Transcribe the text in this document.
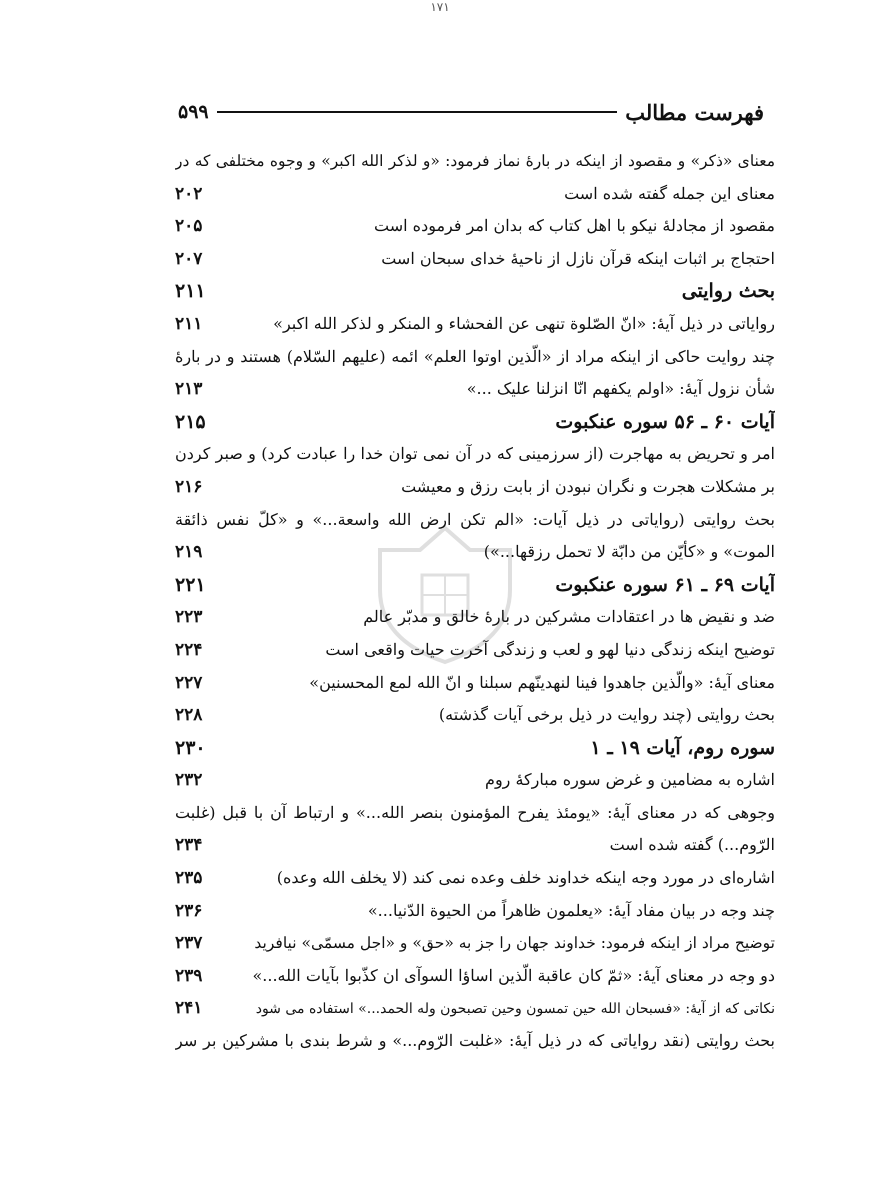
۱۷۱
فهرست مطالب
۵۹۹
معنای «ذکر» و مقصود از اینکه در بارهٔ نماز فرمود: «و لذکر الله اکبر» و وجوه مختلفی که در
معنای این جمله گفته شده است
۲۰۲
مقصود از مجادلهٔ نیکو با اهل کتاب که بدان امر فرموده است
۲۰۵
احتجاج بر اثبات اینکه قرآن نازل از ناحیهٔ خدای سبحان است
۲۰۷
بحث روایتی
۲۱۱
روایاتی در ذیل آیهٔ: «انّ الصّلوة تنهی عن الفحشاء و المنکر و لذکر الله اکبر»
۲۱۱
چند روایت حاکی از اینکه مراد از «الّذین اوتوا العلم» ائمه (علیهم السّلام) هستند و در بارهٔ
شأن نزول آیهٔ: «اولم یکفهم انّا انزلنا علیک ...»
۲۱۳
آیات ۶۰ ـ ۵۶ سوره عنکبوت
۲۱۵
امر و تحریض به مهاجرت (از سرزمینی که در آن نمی توان خدا را عبادت کرد) و صبر کردن
بر مشکلات هجرت و نگران نبودن از بابت رزق و معیشت
۲۱۶
بحث روایتی (روایاتی در ذیل آیات: «الم تکن ارض الله واسعة...» و «کلّ نفس ذائقة
الموت» و «کأیّن من دابّة لا تحمل رزقها...»)
۲۱۹
آیات ۶۹ ـ ۶۱ سوره عنکبوت
۲۲۱
ضد و نقیض ها در اعتقادات مشرکین در بارهٔ خالق و مدبّر عالم
۲۲۳
توضیح اینکه زندگی دنیا لهو و لعب و زندگی آخرت حیات واقعی است
۲۲۴
معنای آیهٔ: «والّذین جاهدوا فینا لنهدینّهم سبلنا و انّ الله لمع المحسنین»
۲۲۷
بحث روایتی (چند روایت در ذیل برخی آیات گذشته)
۲۲۸
سوره روم، آیات ۱۹ ـ ۱
۲۳۰
اشاره به مضامین و غرض سوره مبارکهٔ روم
۲۳۲
وجوهی که در معنای آیهٔ: «یومئذ یفرح المؤمنون بنصر الله...» و ارتباط آن با قبل (غلبت
الرّوم...) گفته شده است
۲۳۴
اشاره‌ای در مورد وجه اینکه خداوند خلف وعده نمی کند (لا یخلف الله وعده)
۲۳۵
چند وجه در بیان مفاد آیهٔ: «یعلمون ظاهراً من الحیوة الدّنیا...»
۲۳۶
توضیح مراد از اینکه فرمود: خداوند جهان را جز به «حق» و «اجل مسمّی» نیافرید
۲۳۷
دو وجه در معنای آیهٔ: «ثمّ کان عاقبة الّذین اساؤا السوآی ان کذّبوا بآیات الله...»
۲۳۹
نکاتی که از آیهٔ: «فسبحان الله حین تمسون وحین تصبحون وله الحمد...» استفاده می شود
۲۴۱
بحث روایتی (نقد روایاتی که در ذیل آیهٔ: «غلبت الرّوم...» و شرط بندی با مشرکین بر سر
